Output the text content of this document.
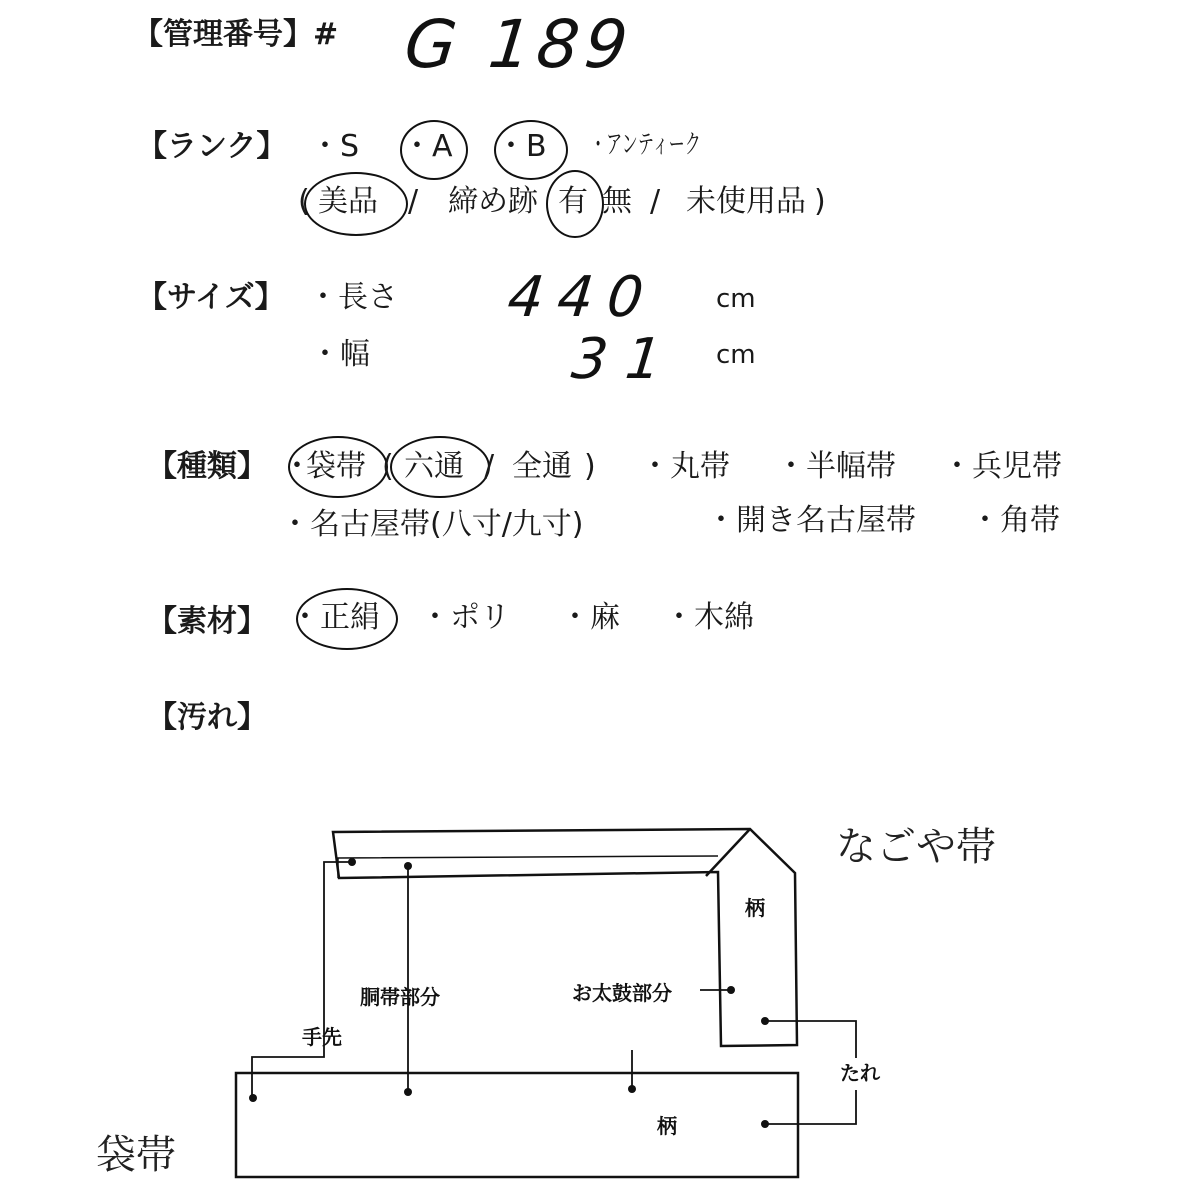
【管理番号】# G 189
【ランク】 ・S ・A ・B ・アンティーク
( 美品 / 締め跡 有 無 / 未使用品 )
【サイズ】 ・長さ 440 cm
・幅	31 cm
【種類】 ・
袋帯 ( 六通 / 全通 ) ・丸帯 ・半幅帯 ・兵児帯
・名古屋帯(八寸/九寸)	・開き名古屋帯 ・角帯
【素材】 ・正絹 ・ポリ ・麻 ・木綿
【汚れ】
柄
柄
胴帯部分	お太鼓部分
手先
たれ
なごや帯
袋帯
